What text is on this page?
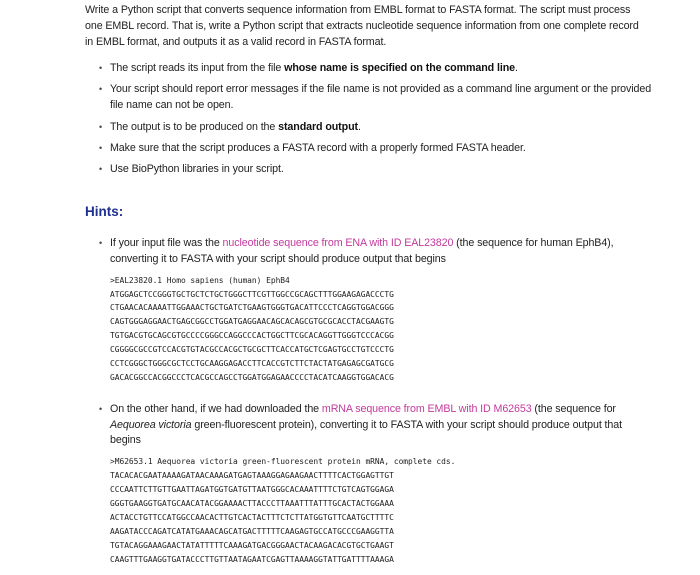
Write a Python script that converts sequence information from EMBL format to FASTA format. The script must process one EMBL record. That is, write a Python script that extracts nucleotide sequence information from one complete record in EMBL format, and outputs it as a valid record in FASTA format.

• The script reads its input from the file whose name is specified on the command line.
• Your script should report error messages if the file name is not provided as a command line argument or the provided file name can not be open.
• The output is to be produced on the standard output.
• Make sure that the script produces a FASTA record with a properly formed FASTA header.
• Use BioPython libraries in your script.
Hints:
• If your input file was the nucleotide sequence from ENA with ID EAL23820 (the sequence for human EphB4), converting it to FASTA with your script should produce output that begins
>EAL23820.1 Homo sapiens (human) EphB4
ATGGAGCTCCGGGTGCTGCTCTGCTGGGCTTCGTTGGCCGCAGCTTTGGAAGAGACCCTG
CTGAACACAAAATTGGAAACTGCTGATCTGAAGTGGGTGACATTCCCTCAGGTGGACGGG
CAGTGGGAGGAACTGAGCGGCCTGGATGAGGAACAGCACAGCGTGCGCACCTACGAAGTG
TGTGACGTGCAGCGTGCCCCGGGCCAGGCCCACTGGCTTCGCACAGGTTGGGTCCCACGG
CGGGGCGCCGTCCACGTGTACGCCACGCTGCGCTTCACCATGCTCGAGTGCCTGTCCCTG
CCTCGGGCTGGGCGCTCCTGCAAGGAGACCTTCACCGTCTTCTACTATGAGAGCGATGCG
GACACGGCCACGGCCCTCACGCCAGCCTGGATGGAGAACCCCTACATCAAGGTGGACACG

• On the other hand, if we had downloaded the mRNA sequence from EMBL with ID M62653 (the sequence for Aequorea victoria green-fluorescent protein), converting it to FASTA with your script should produce output that begins
>M62653.1 Aequorea victoria green-fluorescent protein mRNA, complete cds.
TACACACGAATAAAAGATAACAAAGATGAGTAAAGGAGAAGAACTTTTCACTGGAGTTGT
CCCAATTCTTGTTGAATTAGATGGTGATGTTAATGGGCACAAATTTTCTGTCAGTGGAGA
GGGTGAAGGTGATGCAACATACGGAAAACTTACCCTTAAATTTATTTGCACTACTGGAAA
ACTACCTGTTCCATGGCCAACACTTGTCACTACTTTCTCTTATGGTGTTCAATGCTTTTC
AAGATACCCAGATCATATGAAACAGCATGACTTTTTCAAGAGTGCCATGCCCGAAGGTTA
TGTACAGGAAAGAACTATATTTTTCAAAGATGACGGGAACTACAAGACACGTGCTGAAGT
CAAGTTTGAAGGTGATACCCTTGTTAATAGAATCGAGTTAAAAGGTATTGATTTTAAAGA
